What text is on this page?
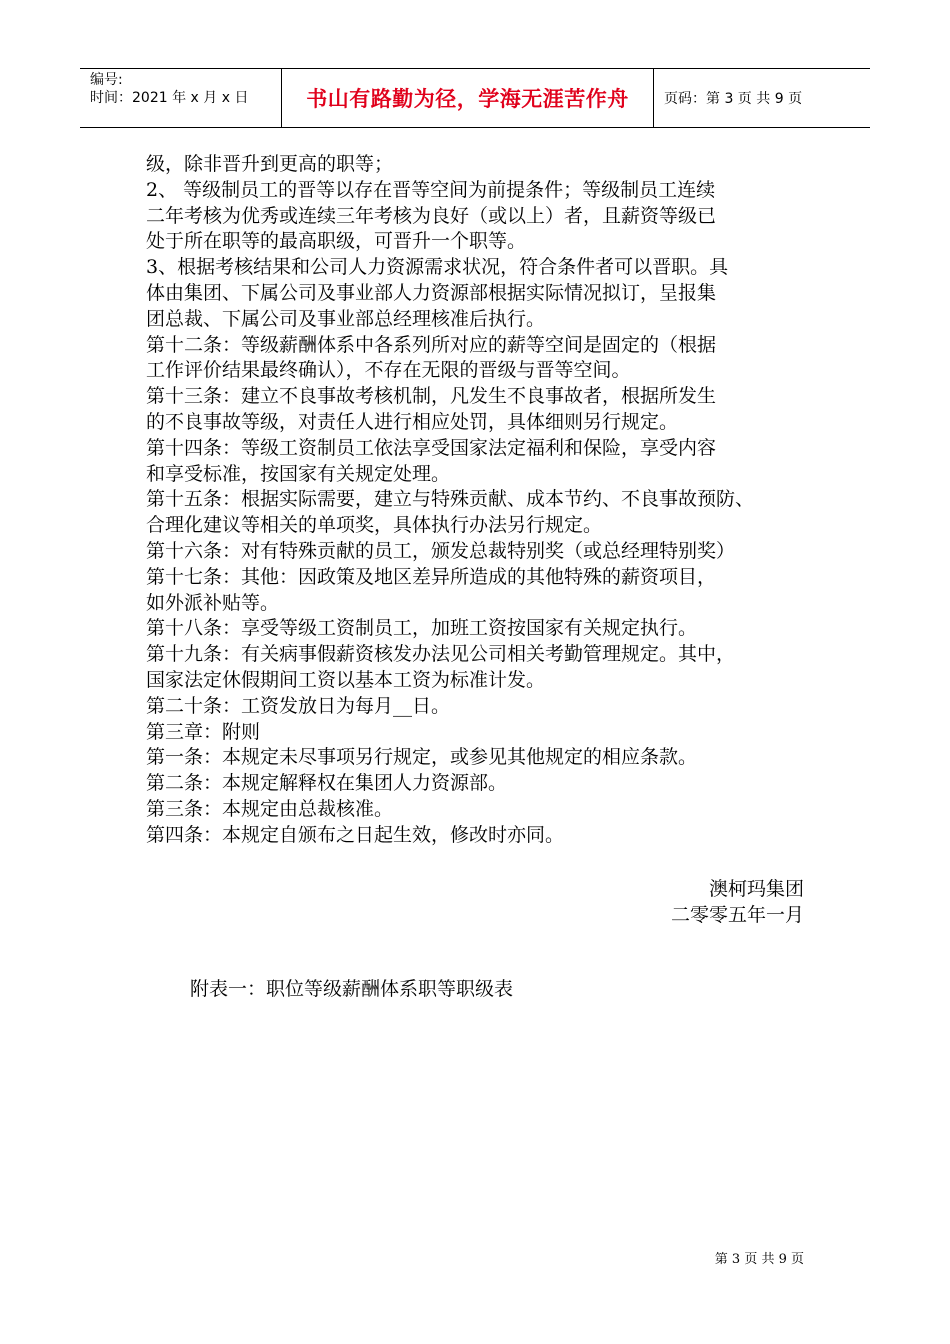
编号:
时间：2021 年 x 月 x 日	书山有路勤为径，学海无涯苦作舟	页码：第 3 页 共 9 页

级，除非晋升到更高的职等；

2、 等级制员工的晋等以存在晋等空间为前提条件；等级制员工连续

二年考核为优秀或连续三年考核为良好（或以上）者，且薪资等级已

处于所在职等的最高职级，可晋升一个职等。

3、根据考核结果和公司人力资源需求状况，符合条件者可以晋职。具

体由集团、下属公司及事业部人力资源部根据实际情况拟订，呈报集

团总裁、下属公司及事业部总经理核准后执行。

第十二条：等级薪酬体系中各系列所对应的薪等空间是固定的（根据

工作评价结果最终确认），不存在无限的晋级与晋等空间。

第十三条：建立不良事故考核机制，凡发生不良事故者，根据所发生

的不良事故等级，对责任人进行相应处罚，具体细则另行规定。

第十四条：等级工资制员工依法享受国家法定福利和保险，享受内容

和享受标准，按国家有关规定处理。

第十五条：根据实际需要，建立与特殊贡献、成本节约、不良事故预防、

合理化建议等相关的单项奖，具体执行办法另行规定。

第十六条：对有特殊贡献的员工，颁发总裁特别奖（或总经理特别奖）

第十七条：其他：因政策及地区差异所造成的其他特殊的薪资项目，

如外派补贴等。

第十八条：享受等级工资制员工，加班工资按国家有关规定执行。

第十九条：有关病事假薪资核发办法见公司相关考勤管理规定。其中，

国家法定休假期间工资以基本工资为标准计发。

第二十条：工资发放日为每月__日。

第三章：附则

第一条：本规定未尽事项另行规定，或参见其他规定的相应条款。

第二条：本规定解释权在集团人力资源部。

第三条：本规定由总裁核准。

第四条：本规定自颁布之日起生效，修改时亦同。

澳柯玛集团

二零零五年一月

附表一：职位等级薪酬体系职等职级表
第 3 页 共 9 页
